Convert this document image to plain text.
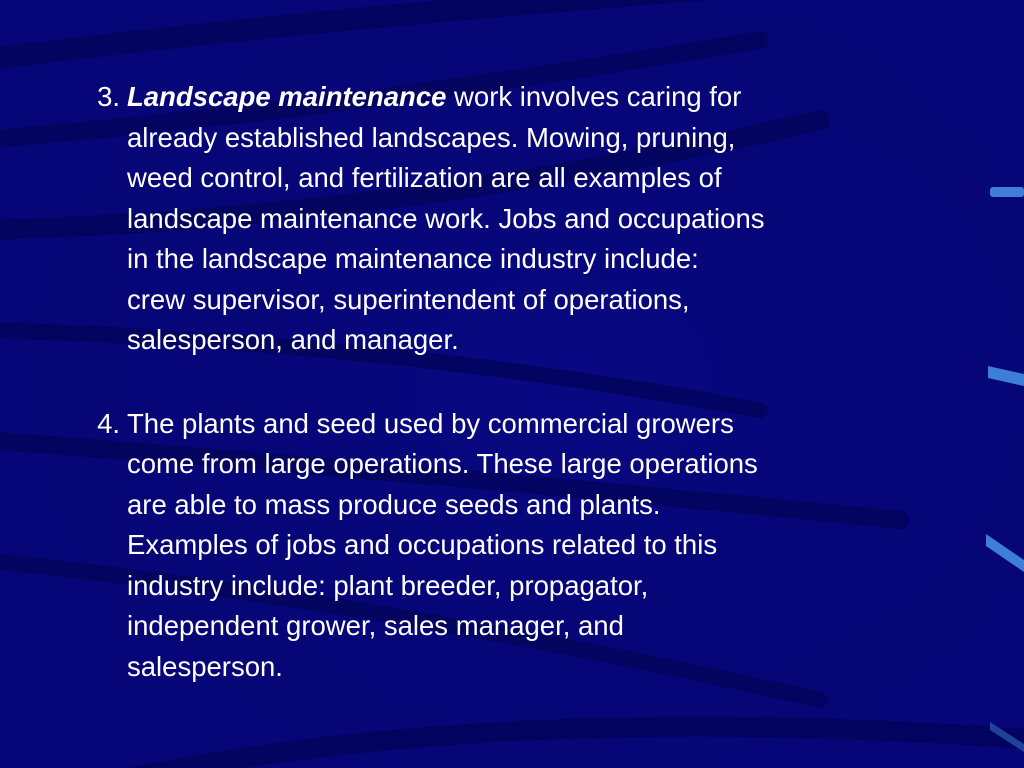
3. Landscape maintenance work involves caring for
already established landscapes. Mowing, pruning,
weed control, and fertilization are all examples of
landscape maintenance work. Jobs and occupations
in the landscape maintenance industry include:
crew supervisor, superintendent of operations,
salesperson, and manager.
4. The plants and seed used by commercial growers
come from large operations. These large operations
are able to mass produce seeds and plants.
Examples of jobs and occupations related to this
industry include: plant breeder, propagator,
independent grower, sales manager, and
salesperson.
